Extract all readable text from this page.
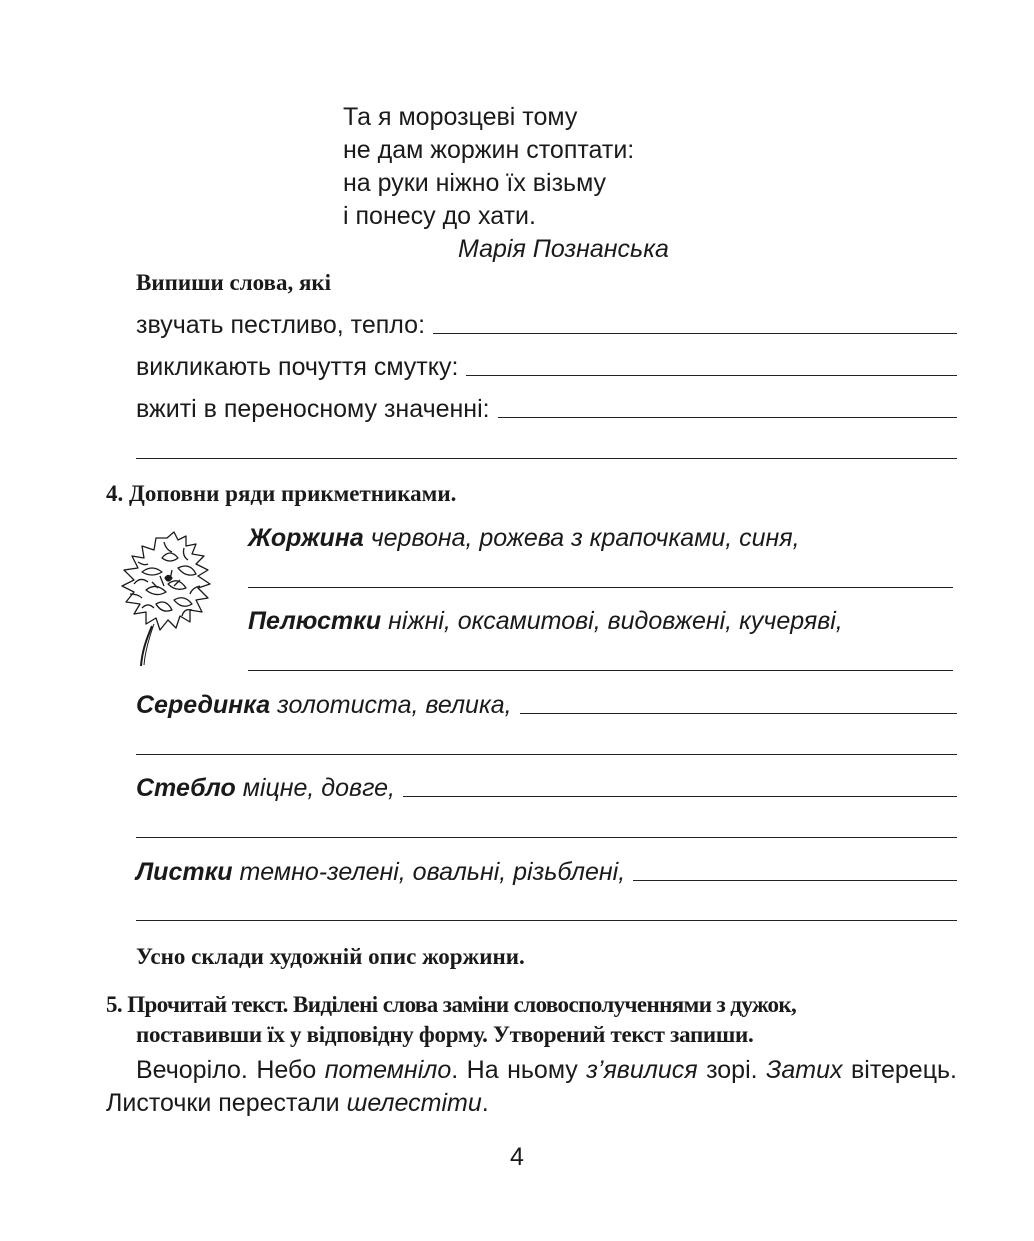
Та я морозцеві тому
не дам жоржин стоптати:
на руки ніжно їх візьму
і понесу до хати.
Марія Познанська
Випиши слова, які
звучать пестливо, тепло:
викликають почуття смутку:
вжиті в переносному значенні:
4. Доповни ряди прикметниками.
Жоржина
червона, рожева з крапочками, синя,
Пелюстки
ніжні, оксамитові, видовжені, кучеряві,
Серединка
золотиста, велика,
Стебло
міцне, довге,
Листки
темно-зелені, овальні, різьблені,
Усно склади художній опис жоржини.
5. Прочитай текст. Виділені слова заміни словосполученнями з дужок,
поставивши їх у відповідну форму. Утворений текст запиши.
Вечоріло. Небо потемніло. На ньому з’явилися зорі. Затих вітерець. Листочки перестали шелестіти.
4
